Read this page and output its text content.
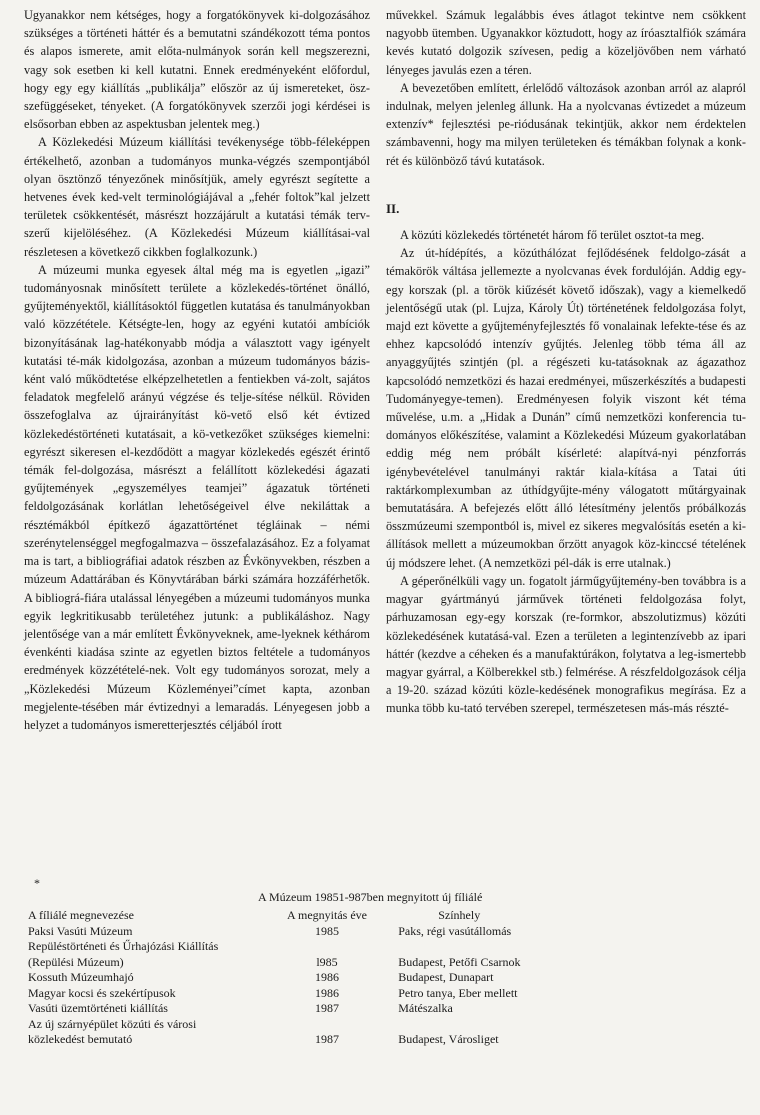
Ugyanakkor nem kétséges, hogy a forgatókönyvek ki-dolgozásához szükséges a történeti háttér és a bemutatni szándékozott téma pontos és alapos ismerete, amit előta-nulmányok során kell megszerezni, vagy sok esetben ki kell kutatni. Ennek eredményeként előfordul, hogy egy egy kiállítás „publikálja” először az új ismereteket, ösz-szefüggéseket, tényeket. (A forgatókönyvek szerzői jogi kérdései is elsősorban ebben az aspektusban jelentek meg.)

A Közlekedési Múzeum kiállítási tevékenysége több-féleképpen értékelhető, azonban a tudományos munka-végzés szempontjából olyan ösztönző tényezőnek minősítjük, amely egyrészt segítette a hetvenes évek ked-velt terminológiájával a „fehér foltok”kal jelzett területek csökkentését, másrészt hozzájárult a kutatási témák terv-szerű kijelöléséhez. (A Közlekedési Múzeum kiállításai-val részletesen a következő cikkben foglalkozunk.)

A múzeumi munka egyesek által még ma is egyetlen „igazi” tudományosnak minősített területe a közlekedés-történet önálló, gyűjteményektől, kiállításoktól független kutatása és tanulmányokban való közzététele. Kétségte-len, hogy az egyéni kutatói ambíciók bizonyításának lag-hatékonyabb módja a választott vagy igényelt kutatási té-mák kidolgozása, azonban a múzeum tudományos bázis-ként való működtetése elképzelhetetlen a fentiekben vá-zolt, sajátos feladatok megfelelő arányú végzése és telje-sítése nélkül. Röviden összefoglalva az újrairányítást kö-vető első két évtized közlekedéstörténeti kutatásait, a kö-vetkezőket szükséges kiemelni: egyrészt sikeresen el-kezdődött a magyar közlekedés egészét érintő témák fel-dolgozása, másrészt a felállított közlekedési ágazati gyűjtemények „egyszemélyes teamjei” ágazatuk történeti feldolgozásának korlátlan lehetőségeivel élve nekiláttak a résztémákból építkező ágazattörténet tégláinak – némi szerénytelenséggel megfogalmazva – összefalazásához. Ez a folyamat ma is tart, a bibliográfiai adatok részben az Évkönyvekben, részben a múzeum Adattárában és Könyvtárában bárki számára hozzáférhetők. A bibliográ-fiára utalással lényegében a múzeumi tudományos munka egyik legkritikusabb területéhez jutunk: a publikáláshoz. Nagy jelentősége van a már említett Évkönyveknek, ame-lyeknek kéthárom évenkénti kiadása szinte az egyetlen biztos feltétele a tudományos eredmények közzétételé-nek. Volt egy tudományos sorozat, mely a „Közlekedési Múzeum Közleményei”címet kapta, azonban megjelente-tésében már évtizednyi a lemaradás. Lényegesen jobb a helyzet a tudományos ismeretterjesztés céljából írott

művekkel. Számuk legalábbis éves átlagot tekintve nem csökkent nagyobb ütemben. Ugyanakkor köztudott, hogy az íróasztalfiók számára kevés kutató dolgozik szívesen, pedig a közeljövőben nem várható lényeges javulás ezen a téren.

A bevezetőben említett, érlelődő változások azonban arról az alapról indulnak, melyen jelenleg állunk. Ha a nyolcvanas évtizedet a múzeum extenzív* fejlesztési pe-riódusának tekintjük, akkor nem érdektelen számbavenni, hogy ma milyen területeken és témákban folynak a konk-rét és különböző távú kutatások.

II.

A közúti közlekedés történetét három fő terület osztot-ta meg.

Az út-hídépítés, a közúthálózat fejlődésének feldolgo-zását a témakörök váltása jellemezte a nyolcvanas évek fordulóján. Addig egy-egy korszak (pl. a török kiűzését követő időszak), vagy a kiemelkedő jelentőségű utak (pl. Lujza, Károly Út) történetének feldolgozása folyt, majd ezt követte a gyűjteményfejlesztés fő vonalainak lefekte-tése és az ehhez kapcsolódó intenzív gyűjtés. Jelenleg több téma áll az anyaggyűjtés szintjén (pl. a régészeti ku-tatásoknak az ágazathoz kapcsolódó nemzetközi és hazai eredményei, műszerkészítés a budapesti Tudományegye-temen). Eredményesen folyik viszont két téma művelése, u.m. a „Hidak a Dunán” című nemzetközi konferencia tu-dományos előkészítése, valamint a Közlekedési Múzeum gyakorlatában eddig még nem próbált kísérleté: alapítvá-nyi pénzforrás igénybevételével tanulmányi raktár kiala-kítása a Tatai úti raktárkomplexumban az úthídgyűjte-mény válogatott műtárgyainak bemutatására. A befejezés előtt álló létesítmény jelentős próbálkozás összmúzeumi szempontból is, mivel ez sikeres megvalósítás esetén a ki-állítások mellett a múzeumokban őrzött anyagok köz-kinccsé tételének új módszere lehet. (A nemzetközi pél-dák is erre utalnak.)

A géperőnélküli vagy un. fogatolt járműgyűjtemény-ben továbbra is a magyar gyártmányú járművek történeti feldolgozása folyt, párhuzamosan egy-egy korszak (re-formkor, abszolutizmus) közúti közlekedésének kutatásá-val. Ezen a területen a legintenzívebb az ipari háttér (kezdve a céheken és a manufaktúrákon, folytatva a leg-ismertebb magyar gyárral, a Kölberekkel stb.) felmérése. A részfeldolgozások célja a 19-20. század közúti közle-kedésének monografikus megírása. Ez a munka több ku-tató tervében szerepel, természetesen más-más részté-

*
A Múzeum 19851-987ben megnyitott új fíliálé
A fíliálé megnevezése	A megnyitás éve	Színhely
Paksi Vasúti Múzeum	1985	Paks, régi vasútállomás
Repüléstörténeti és Űrhajózási Kiállítás (Repülési Múzeum)	l985	Budapest, Petőfi Csarnok
Kossuth Múzeumhajó	1986	Budapest, Dunapart
Magyar kocsi és szekértípusok	1986	Petro tanya, Eber mellett
Vasúti üzemtörténeti kiállítás	1987	Mátészalka
Az új szárnyépület közúti és városi közlekedést bemutató	1987	Budapest, Városliget
